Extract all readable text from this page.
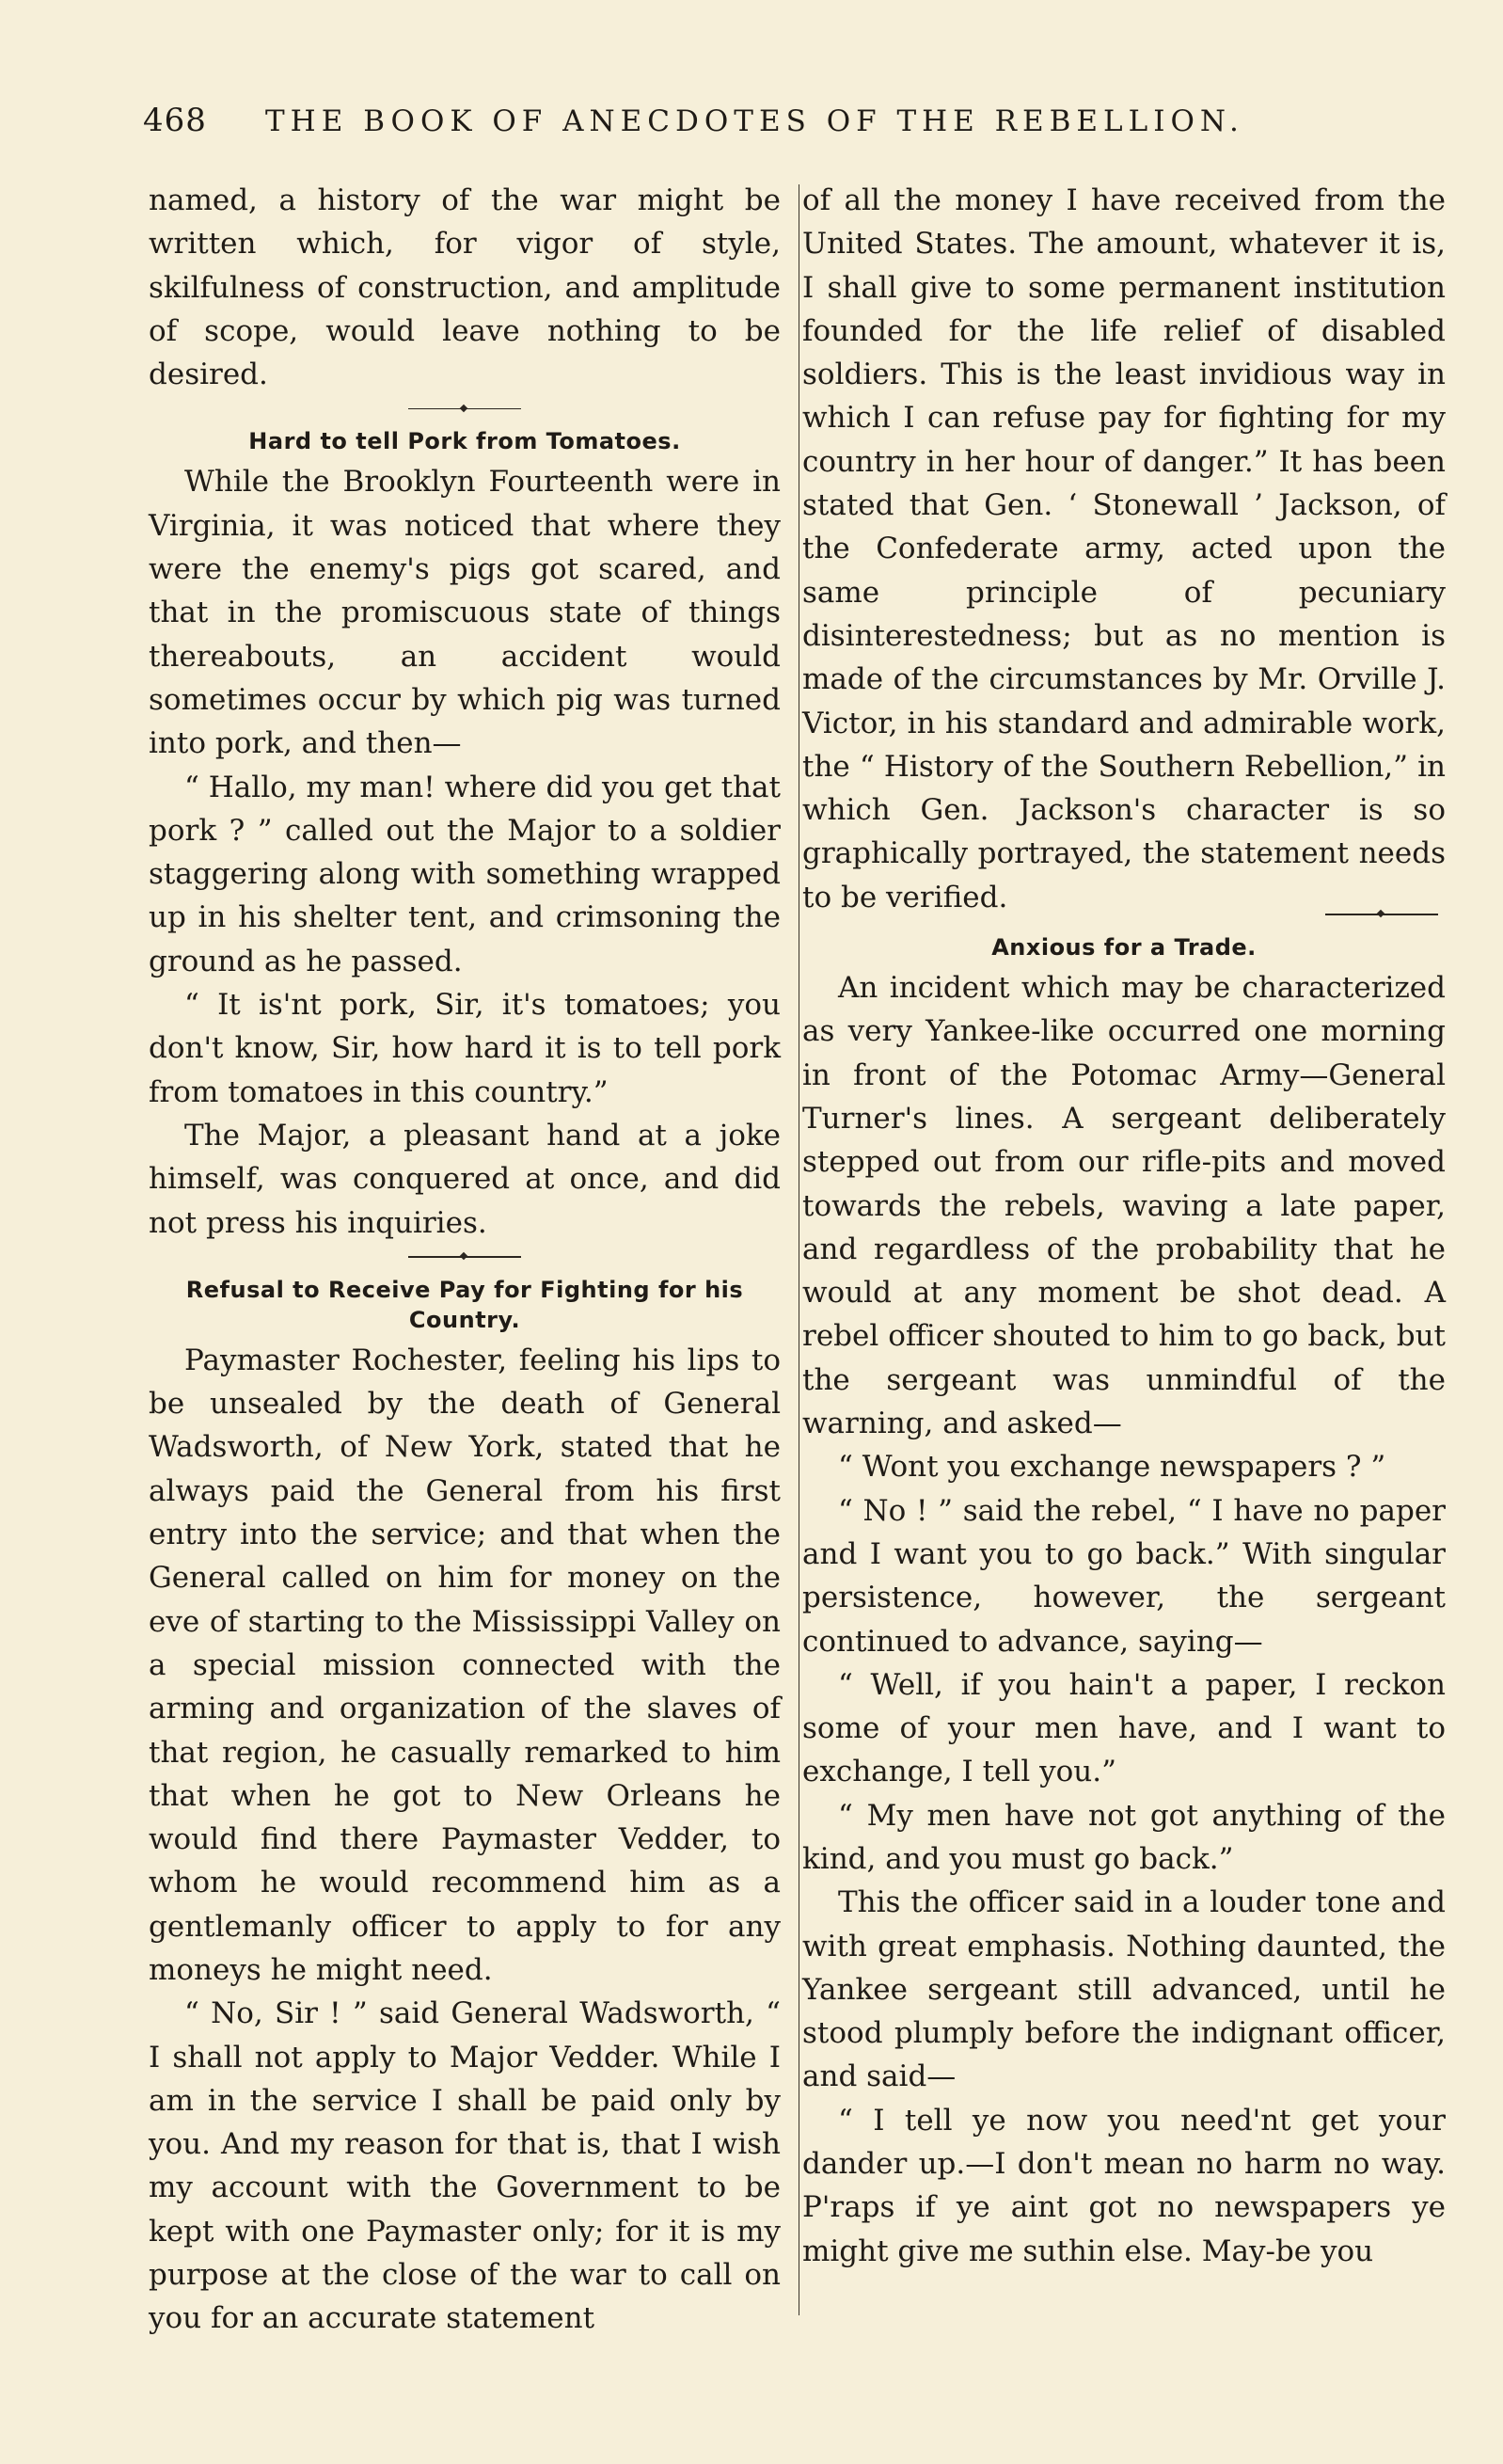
468	THE BOOK OF ANECDOTES OF THE REBELLION.

named, a history of the war might be written which, for vigor of style, skilfulness of construction, and amplitude of scope, would leave nothing to be desired.

Hard to tell Pork from Tomatoes.

While the Brooklyn Fourteenth were in Virginia, it was noticed that where they were the enemy's pigs got scared, and that in the promiscuous state of things thereabouts, an accident would sometimes occur by which pig was turned into pork, and then—

“ Hallo, my man! where did you get that pork ? ” called out the Major to a soldier staggering along with something wrapped up in his shelter tent, and crimsoning the ground as he passed.

“ It is'nt pork, Sir, it's tomatoes; you don't know, Sir, how hard it is to tell pork from tomatoes in this country.”

The Major, a pleasant hand at a joke himself, was conquered at once, and did not press his inquiries.

Refusal to Receive Pay for Fighting for his Country.

Paymaster Rochester, feeling his lips to be unsealed by the death of General Wadsworth, of New York, stated that he always paid the General from his first entry into the service; and that when the General called on him for money on the eve of starting to the Mississippi Valley on a special mission connected with the arming and organization of the slaves of that region, he casually remarked to him that when he got to New Orleans he would find there Paymaster Vedder, to whom he would recommend him as a gentlemanly officer to apply to for any moneys he might need.

“ No, Sir ! ” said General Wadsworth, “ I shall not apply to Major Vedder. While I am in the service I shall be paid only by you. And my reason for that is, that I wish my account with the Government to be kept with one Paymaster only; for it is my purpose at the close of the war to call on you for an accurate statement

of all the money I have received from the United States. The amount, whatever it is, I shall give to some permanent institution founded for the life relief of disabled soldiers. This is the least invidious way in which I can refuse pay for fighting for my country in her hour of danger.” It has been stated that Gen. ‘ Stonewall ’ Jackson, of the Confederate army, acted upon the same principle of pecuniary disinterestedness; but as no mention is made of the circumstances by Mr. Orville J. Victor, in his standard and admirable work, the “ History of the Southern Rebellion,” in which Gen. Jackson's character is so graphically portrayed, the statement needs to be verified.

Anxious for a Trade.

An incident which may be characterized as very Yankee-like occurred one morning in front of the Potomac Army—General Turner's lines. A sergeant deliberately stepped out from our rifle-pits and moved towards the rebels, waving a late paper, and regardless of the probability that he would at any moment be shot dead. A rebel officer shouted to him to go back, but the sergeant was unmindful of the warning, and asked—

“ Wont you exchange newspapers ? ”

“ No ! ” said the rebel, “ I have no paper and I want you to go back.” With singular persistence, however, the sergeant continued to advance, saying—

“ Well, if you hain't a paper, I reckon some of your men have, and I want to exchange, I tell you.”

“ My men have not got anything of the kind, and you must go back.”

This the officer said in a louder tone and with great emphasis. Nothing daunted, the Yankee sergeant still advanced, until he stood plumply before the indignant officer, and said—

“ I tell ye now you need'nt get your dander up.—I don't mean no harm no way. P'raps if ye aint got no newspapers ye might give me suthin else. May-be you
